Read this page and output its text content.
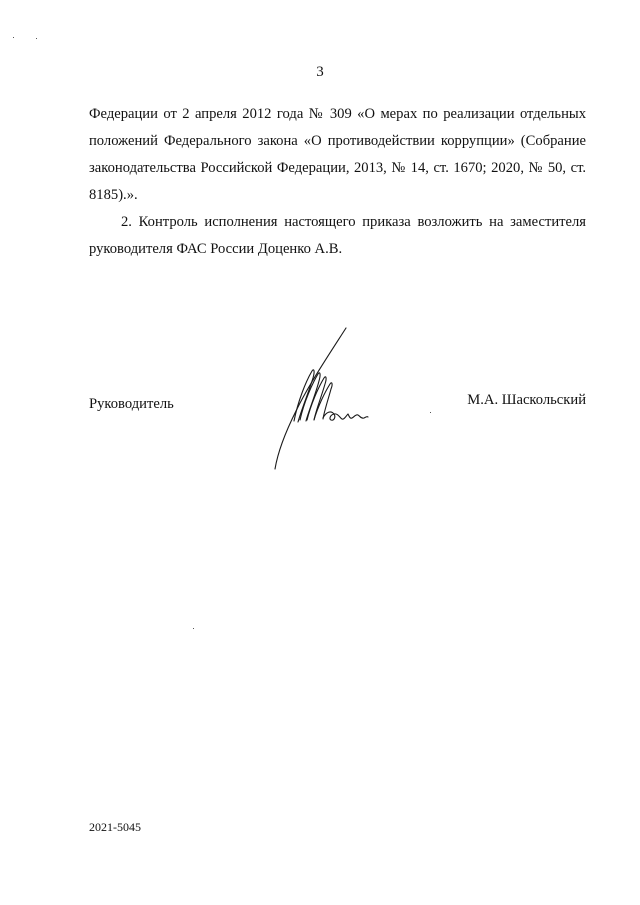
3

Федерации от 2 апреля 2012 года № 309 «О мерах по реализации отдельных положений Федерального закона «О противодействии коррупции» (Собрание законодательства Российской Федерации, 2013, № 14, ст. 1670; 2020, № 50, ст. 8185).».

2. Контроль исполнения настоящего приказа возложить на заместителя руководителя ФАС России Доценко А.В.

Руководитель	М.А. Шаскольский
2021-5045
